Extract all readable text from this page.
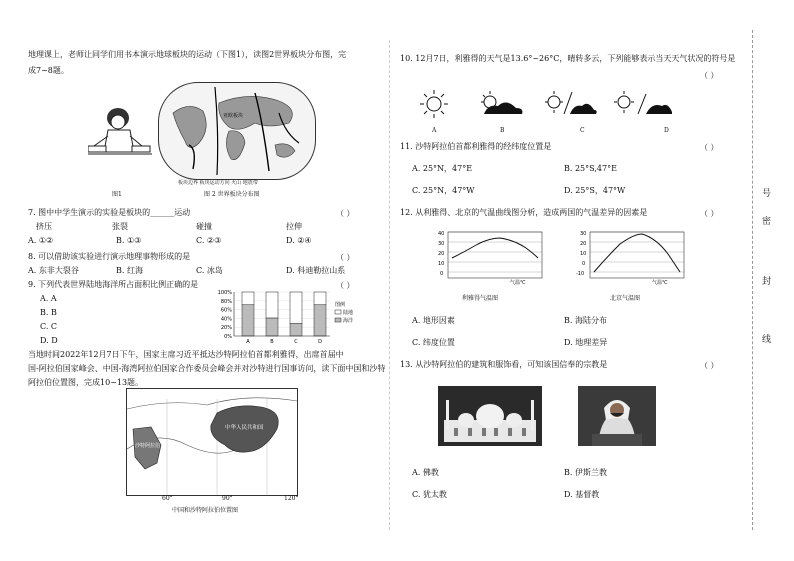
地理课上，老师让同学们用书本演示地球板块的运动（下图1），读图2世界板块分布图，完
成7~8题。
图1
亚欧板块
板块边界 板块运动方向 火山 地震带
图 2 世界板块分布图
7. 图中中学生演示的实验是板块的______运动	（ ）
挤压	张裂	碰撞	拉伸
A. ①②	B. ①③	C. ②③	D. ②④
8. 可以借助该实验进行演示地理事物形成的是	（ ）
A. 东非大裂谷	B. 红海	C. 冰岛	D. 科迪勒拉山系
9. 下列代表世界陆地海洋所占面积比例正确的是	（ ）
A. A
B. B
C. C
D. D	0%
20%
40%
60%
80%
100%
A	B	C	D
图例
陆地
海洋
当地时间2022年12月7日下午，国家主席习近平抵达沙特阿拉伯首都利雅得，出席首届中
国-阿拉伯国家峰会、中国-海湾阿拉伯国家合作委员会峰会并对沙特进行国事访问，读下面中国和沙特
阿拉伯位置图，完成10~13题。
中华人民共和国
沙特阿拉伯
60°	90°	120°
中国和沙特阿拉伯位置图
10. 12月7日，利雅得的天气是13.6°~26°C，晴转多云，下列能够表示当天天气状况的符号是
（ ）
A	B	C	D
11. 沙特阿拉伯首都利雅得的经纬度位置是	（ ）
A. 25°N，47°E	B. 25°S,47°E
C. 25°N，47°W	D. 25°S，47°W
12. 从利雅得、北京的气温曲线图分析，造成两国的气温差异的因素是	（ ）
40
30
20
10
0
气温℃
利雅得气温图
30
20
10
0
-10
气温℃
北京气温图
A. 地形因素	B. 海陆分布
C. 纬度位置	D. 地理差异
13. 从沙特阿拉伯的建筑和服饰看，可知该国信奉的宗教是	（ ）
A. 佛教	B. 伊斯兰教
C. 犹太教	D. 基督教
号
密
封
线
